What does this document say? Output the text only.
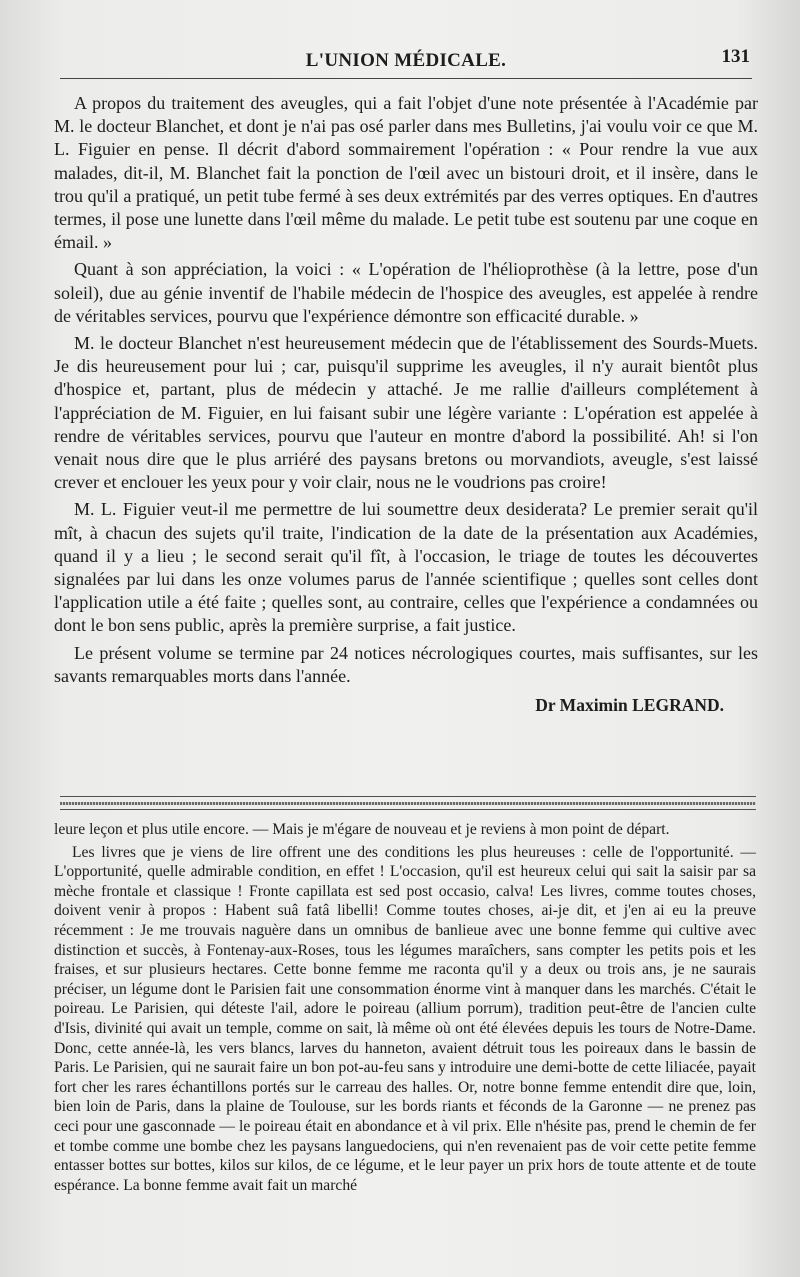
L'UNION MÉDICALE.	131

A propos du traitement des aveugles, qui a fait l'objet d'une note présentée à l'Académie par M. le docteur Blanchet, et dont je n'ai pas osé parler dans mes Bulletins, j'ai voulu voir ce que M. L. Figuier en pense. Il décrit d'abord sommairement l'opération : « Pour rendre la vue aux malades, dit-il, M. Blanchet fait la ponction de l'œil avec un bistouri droit, et il insère, dans le trou qu'il a pratiqué, un petit tube fermé à ses deux extrémités par des verres optiques. En d'autres termes, il pose une lunette dans l'œil même du malade. Le petit tube est soutenu par une coque en émail. »

Quant à son appréciation, la voici : « L'opération de l'hélioprothèse (à la lettre, pose d'un soleil), due au génie inventif de l'habile médecin de l'hospice des aveugles, est appelée à rendre de véritables services, pourvu que l'expérience démontre son efficacité durable. »

M. le docteur Blanchet n'est heureusement médecin que de l'établissement des Sourds-Muets. Je dis heureusement pour lui ; car, puisqu'il supprime les aveugles, il n'y aurait bientôt plus d'hospice et, partant, plus de médecin y attaché. Je me rallie d'ailleurs complétement à l'appréciation de M. Figuier, en lui faisant subir une légère variante : L'opération est appelée à rendre de véritables services, pourvu que l'auteur en montre d'abord la possibilité. Ah! si l'on venait nous dire que le plus arriéré des paysans bretons ou morvandiots, aveugle, s'est laissé crever et enclouer les yeux pour y voir clair, nous ne le voudrions pas croire!

M. L. Figuier veut-il me permettre de lui soumettre deux desiderata? Le premier serait qu'il mît, à chacun des sujets qu'il traite, l'indication de la date de la présentation aux Académies, quand il y a lieu ; le second serait qu'il fît, à l'occasion, le triage de toutes les découvertes signalées par lui dans les onze volumes parus de l'année scientifique ; quelles sont celles dont l'application utile a été faite ; quelles sont, au contraire, celles que l'expérience a condamnées ou dont le bon sens public, après la première surprise, a fait justice.

Le présent volume se termine par 24 notices nécrologiques courtes, mais suffisantes, sur les savants remarquables morts dans l'année.

Dr Maximin LEGRAND.

leure leçon et plus utile encore. — Mais je m'égare de nouveau et je reviens à mon point de départ.

Les livres que je viens de lire offrent une des conditions les plus heureuses : celle de l'opportunité. — L'opportunité, quelle admirable condition, en effet ! L'occasion, qu'il est heureux celui qui sait la saisir par sa mèche frontale et classique ! Fronte capillata est sed post occasio, calva! Les livres, comme toutes choses, doivent venir à propos : Habent suâ fatâ libelli! Comme toutes choses, ai-je dit, et j'en ai eu la preuve récemment : Je me trouvais naguère dans un omnibus de banlieue avec une bonne femme qui cultive avec distinction et succès, à Fontenay-aux-Roses, tous les légumes maraîchers, sans compter les petits pois et les fraises, et sur plusieurs hectares. Cette bonne femme me raconta qu'il y a deux ou trois ans, je ne saurais préciser, un légume dont le Parisien fait une consommation énorme vint à manquer dans les marchés. C'était le poireau. Le Parisien, qui déteste l'ail, adore le poireau (allium porrum), tradition peut-être de l'ancien culte d'Isis, divinité qui avait un temple, comme on sait, là même où ont été élevées depuis les tours de Notre-Dame. Donc, cette année-là, les vers blancs, larves du hanneton, avaient détruit tous les poireaux dans le bassin de Paris. Le Parisien, qui ne saurait faire un bon pot-au-feu sans y introduire une demi-botte de cette liliacée, payait fort cher les rares échantillons portés sur le carreau des halles. Or, notre bonne femme entendit dire que, loin, bien loin de Paris, dans la plaine de Toulouse, sur les bords riants et féconds de la Garonne — ne prenez pas ceci pour une gasconnade — le poireau était en abondance et à vil prix. Elle n'hésite pas, prend le chemin de fer et tombe comme une bombe chez les paysans languedociens, qui n'en revenaient pas de voir cette petite femme entasser bottes sur bottes, kilos sur kilos, de ce légume, et le leur payer un prix hors de toute attente et de toute espérance. La bonne femme avait fait un marché
